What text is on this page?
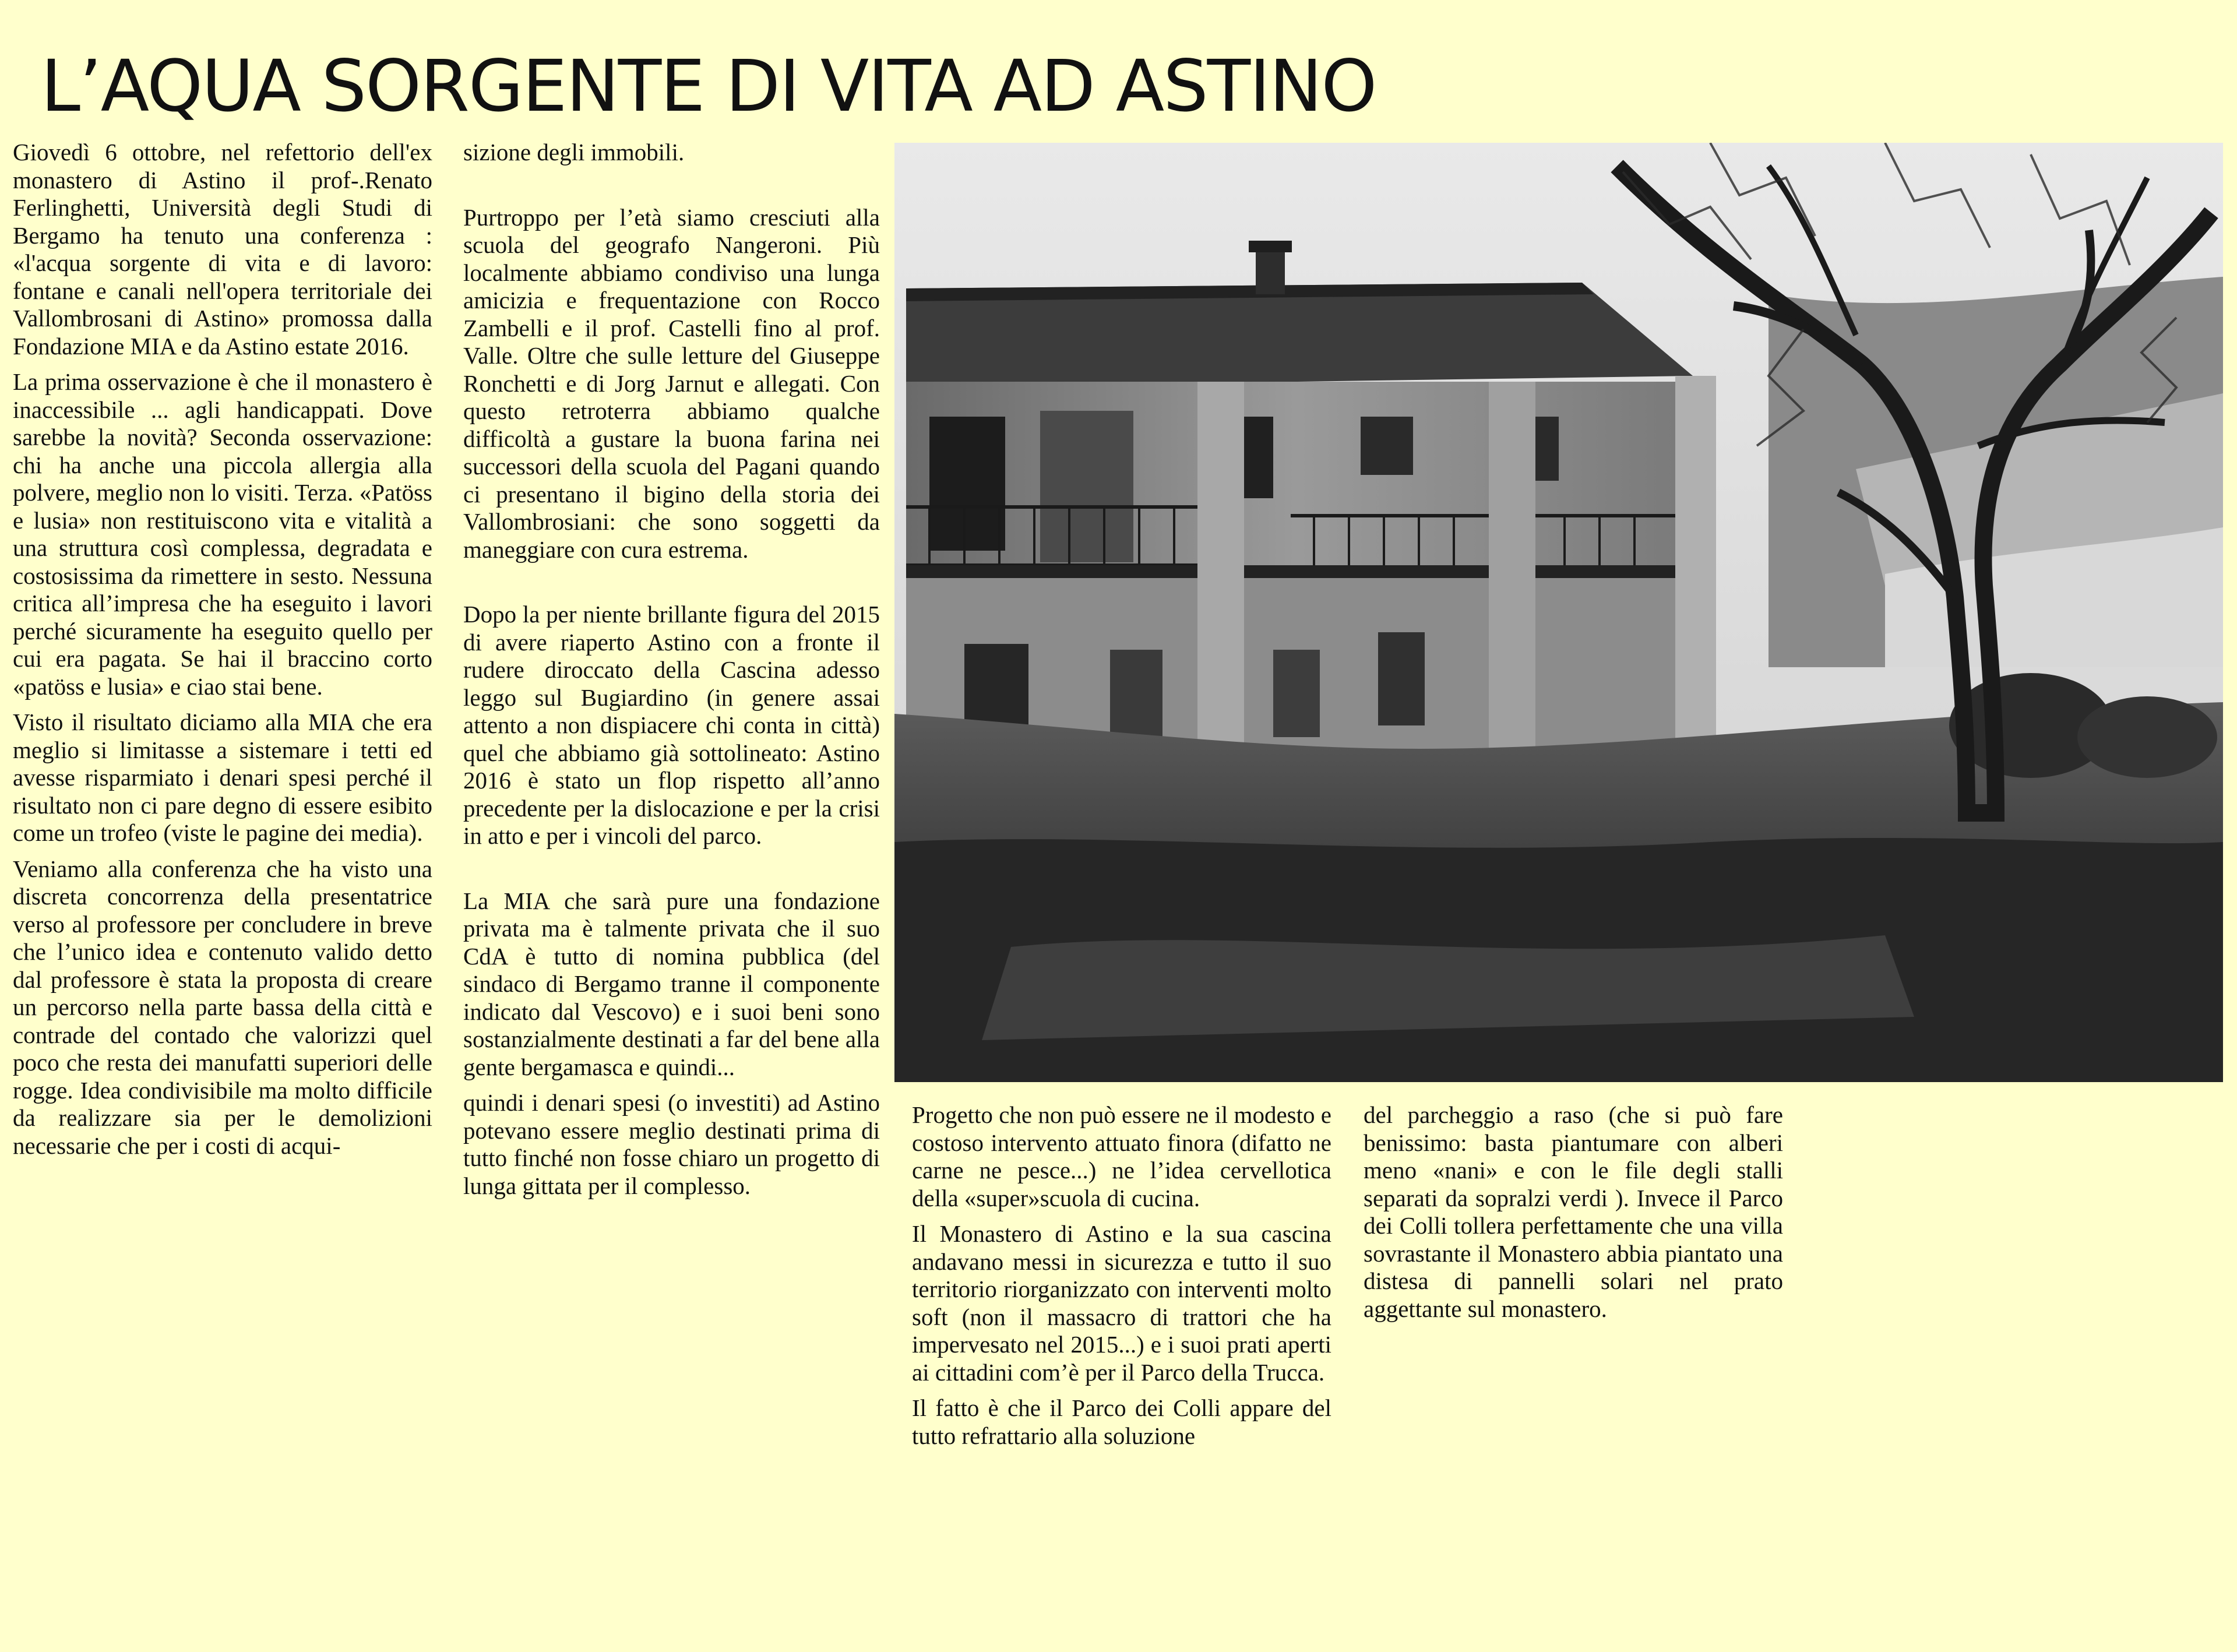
L’AQUA SORGENTE DI VITA AD ASTINO

Giovedì 6 ottobre, nel refettorio dell'ex monastero di Astino il prof-.Renato Ferlinghetti, Università degli Studi di Bergamo ha tenuto una conferenza : «l'acqua sorgente di vita e di lavoro: fontane e canali nell'opera territoriale dei Vallombrosani di Astino» promossa dalla Fondazione MIA e da Astino estate 2016.

La prima osservazione è che il monastero è inaccessibile ... agli handicappati. Dove sarebbe la novità? Seconda osservazione: chi ha anche una piccola allergia alla polvere, meglio non lo visiti. Terza. «Patöss e lusia» non restituiscono vita e vitalità a una struttura così complessa, degradata e costosissima da rimettere in sesto. Nessuna critica all’impresa che ha eseguito i lavori perché sicuramente ha eseguito quello per cui era pagata. Se hai il braccino corto «patöss e lusia» e ciao stai bene.

Visto il risultato diciamo alla MIA che era meglio si limitasse a sistemare i tetti ed avesse risparmiato i denari spesi perché il risultato non ci pare degno di essere esibito come un trofeo (viste le pagine dei media).

Veniamo alla conferenza che ha visto una discreta concorrenza della presentatrice verso al professore per concludere in breve che l’unico idea e contenuto valido detto dal professore è stata la proposta di creare un percorso nella parte bassa della città e contrade del contado che valorizzi quel poco che resta dei manufatti superiori delle rogge. Idea condivisibile ma molto difficile da realizzare sia per le demolizioni necessarie che per i costi di acqui-

sizione degli immobili.

Purtroppo per l’età siamo cresciuti alla scuola del geografo Nangeroni. Più localmente abbiamo condiviso una lunga amicizia e frequentazione con Rocco Zambelli e il prof. Castelli fino al prof. Valle. Oltre che sulle letture del Giuseppe Ronchetti e di Jorg Jarnut e allegati. Con questo retroterra abbiamo qualche difficoltà a gustare la buona farina nei successori della scuola del Pagani quando ci presentano il bigino della storia dei Vallombrosiani: che sono soggetti da maneggiare con cura estrema.

Dopo la per niente brillante figura del 2015 di avere riaperto Astino con a fronte il rudere diroccato della Cascina adesso leggo sul Bugiardino (in genere assai attento a non dispiacere chi conta in città) quel che abbiamo già sottolineato: Astino 2016 è stato un flop rispetto all’anno precedente per la dislocazione e per la crisi in atto e per i vincoli del parco.

La MIA che sarà pure una fondazione privata ma è talmente privata che il suo CdA è tutto di nomina pubblica (del sindaco di Bergamo tranne il componente indicato dal Vescovo) e i suoi beni sono sostanzialmente destinati a far del bene alla gente bergamasca e quindi...

quindi i denari spesi (o investiti) ad Astino potevano essere meglio destinati prima di tutto finché non fosse chiaro un progetto di lunga gittata per il complesso.

Progetto che non può essere ne il modesto e costoso intervento attuato finora (difatto ne carne ne pesce...) ne l’idea cervellotica della «super»scuola di cucina.

Il Monastero di Astino e la sua cascina andavano messi in sicurezza e tutto il suo territorio riorganizzato con interventi molto soft (non il massacro di trattori che ha impervesato nel 2015...) e i suoi prati aperti ai cittadini com’è per il Parco della Trucca.

Il fatto è che il Parco dei Colli appare del tutto refrattario alla soluzione

del parcheggio a raso (che si può fare benissimo: basta piantumare con alberi meno «nani» e con le file degli stalli separati da sopralzi verdi ). Invece il Parco dei Colli tollera perfettamente che una villa sovrastante il Monastero abbia piantato una distesa di pannelli solari nel prato aggettante sul monastero.
